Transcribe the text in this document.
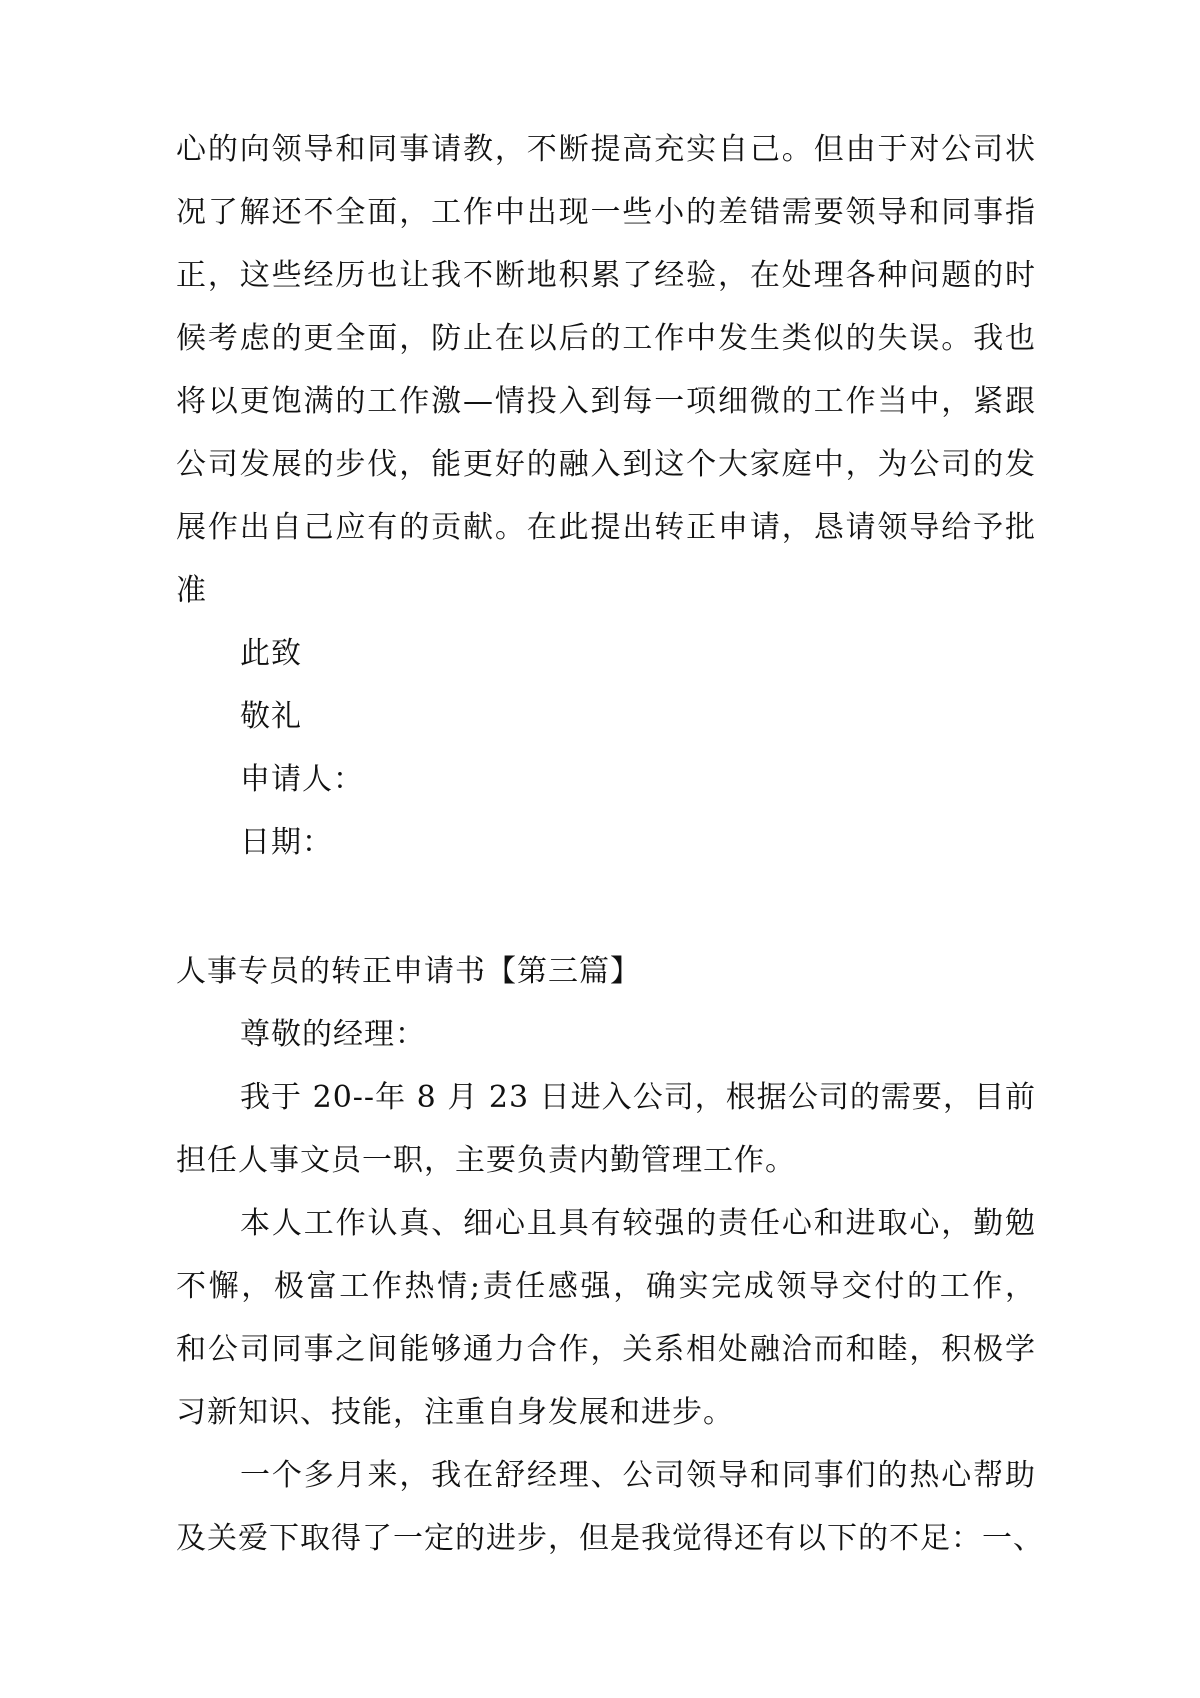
心的向领导和同事请教，不断提高充实自己。但由于对公司状
况了解还不全面，工作中出现一些小的差错需要领导和同事指
正，这些经历也让我不断地积累了经验，在处理各种问题的时
候考虑的更全面，防止在以后的工作中发生类似的失误。我也
将以更饱满的工作激—情投入到每一项细微的工作当中，紧跟
公司发展的步伐，能更好的融入到这个大家庭中，为公司的发
展作出自己应有的贡献。在此提出转正申请，恳请领导给予批
准
此致
敬礼
申请人：
日期：
人事专员的转正申请书【第三篇】
尊敬的经理：
我于 20--年 8 月 23 日进入公司，根据公司的需要，目前
担任人事文员一职，主要负责内勤管理工作。
本人工作认真、细心且具有较强的责任心和进取心，勤勉
不懈，极富工作热情;责任感强，确实完成领导交付的工作，
和公司同事之间能够通力合作，关系相处融洽而和睦，积极学
习新知识、技能，注重自身发展和进步。
一个多月来，我在舒经理、公司领导和同事们的热心帮助
及关爱下取得了一定的进步，但是我觉得还有以下的不足：一、
